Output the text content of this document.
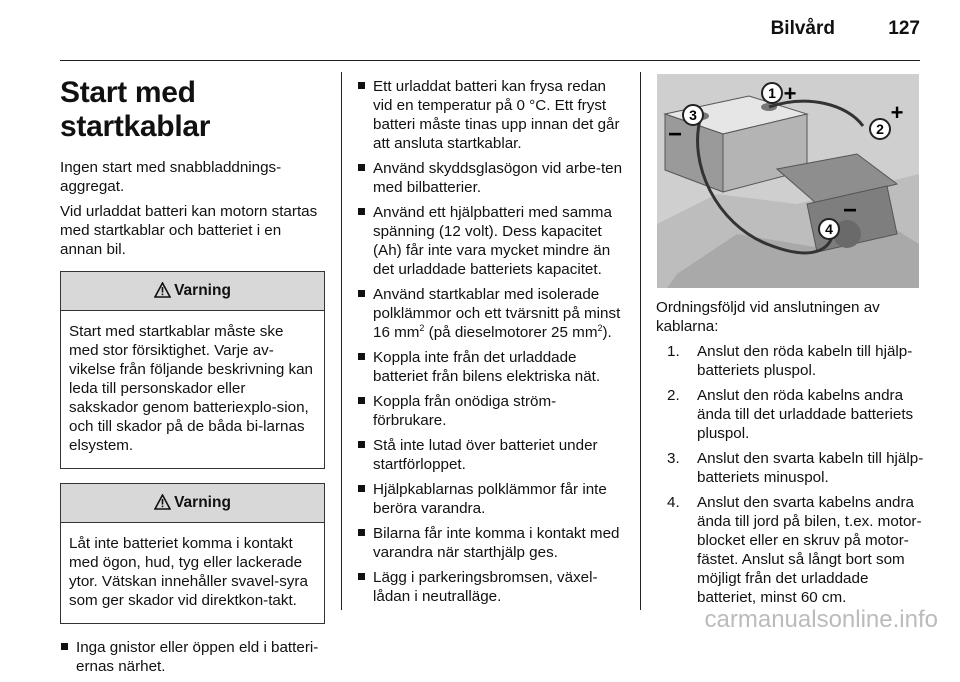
Bilvård	127
Start med startkablar

Ingen start med snabbladdnings-aggregat.

Vid urladdat batteri kan motorn startas med startkablar och batteriet i en annan bil.

Varning
Start med startkablar måste ske med stor försiktighet. Varje av-vikelse från följande beskrivning kan leda till personskador eller sakskador genom batteriexplo-sion, och till skador på de båda bi-larnas elsystem.
Varning
Låt inte batteriet komma i kontakt med ögon, hud, tyg eller lackerade ytor. Vätskan innehåller svavel-syra som ger skador vid direktkon-takt.
Inga gnistor eller öppen eld i batteri-ernas närhet.
Ett urladdat batteri kan frysa redan vid en temperatur på 0 °C. Ett fryst batteri måste tinas upp innan det går att ansluta startkablar.
Använd skyddsglasögon vid arbe-ten med bilbatterier.
Använd ett hjälpbatteri med samma spänning (12 volt). Dess kapacitet (Ah) får inte vara mycket mindre än det urladdade batteriets kapacitet.
Använd startkablar med isolerade polklämmor och ett tvärsnitt på minst 16 $mm^2$ (på dieselmotorer 25 $mm^2$).
Koppla inte från det urladdade batteriet från bilens elektriska nät.
Koppla från onödiga ström-förbrukare.
Stå inte lutad över batteriet under startförloppet.
Hjälpkablarnas polklämmor får inte beröra varandra.
Bilarna får inte komma i kontakt med varandra när starthjälp ges.
Lägg i parkeringsbromsen, växel-lådan i neutralläge.
1 +
2
+
3
−
4
−

Ordningsföljd vid anslutningen av kablarna:

1. Anslut den röda kabeln till hjälp-batteriets pluspol.
2. Anslut den röda kabelns andra ända till det urladdade batteriets pluspol.
3. Anslut den svarta kabeln till hjälp-batteriets minuspol.
4. Anslut den svarta kabelns andra ända till jord på bilen, t.ex. motor-blocket eller en skruv på motor-fästet. Anslut så långt bort som möjligt från det urladdade batteriet, minst 60 cm.
carmanualsonline.info
